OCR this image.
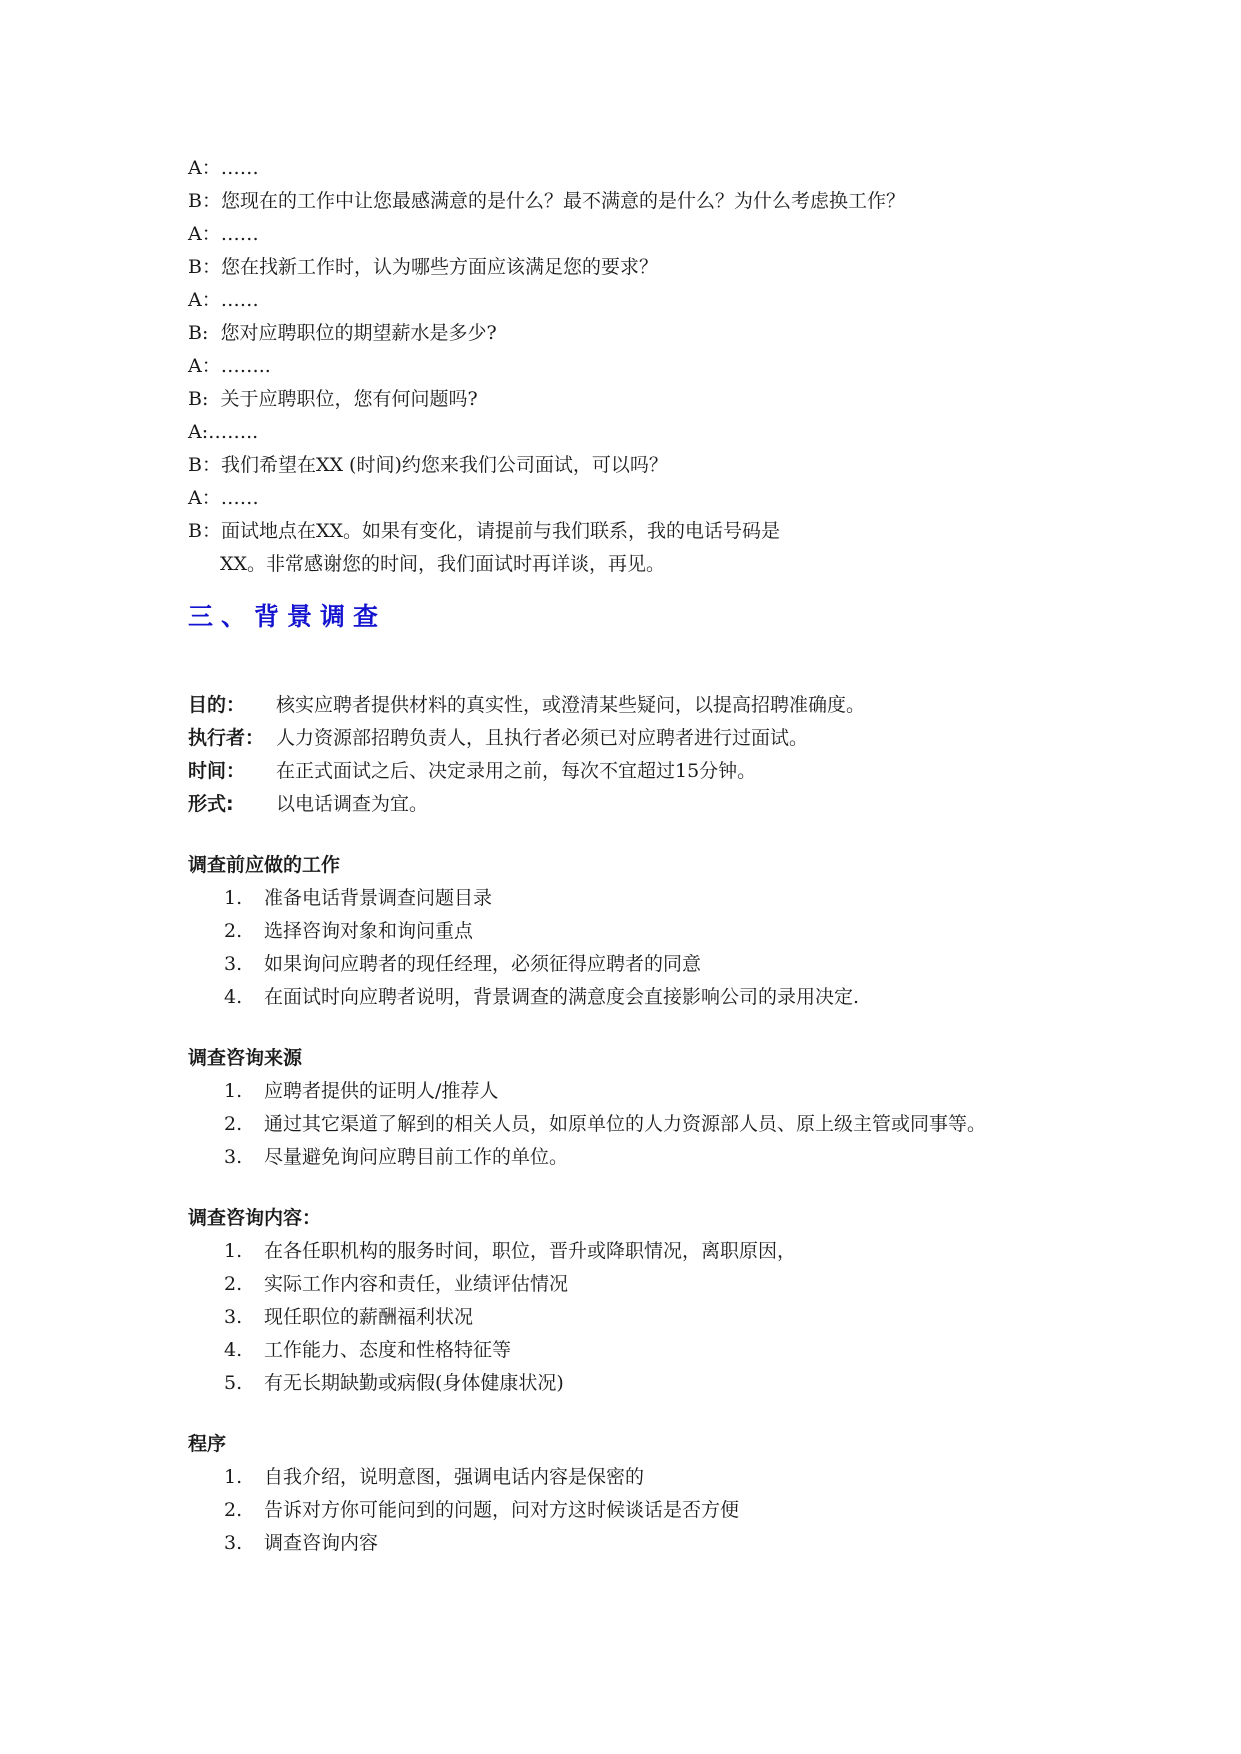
A：……
B：您现在的工作中让您最感满意的是什么？最不满意的是什么？为什么考虑换工作？
A：……
B：您在找新工作时，认为哪些方面应该满足您的要求？
A：……
B:  您对应聘职位的期望薪水是多少?
A：……..
B:  关于应聘职位，您有何问题吗?
A:……..
B：我们希望在XX (时间)约您来我们公司面试，可以吗？
A：……
B：面试地点在XX。如果有变化，请提前与我们联系，我的电话号码是
XX。非常感谢您的时间，我们面试时再详谈，再见。
三、背景调查
目的： 核实应聘者提供材料的真实性，或澄清某些疑问，以提高招聘准确度。
执行者： 人力资源部招聘负责人，且执行者必须已对应聘者进行过面试。
时间： 在正式面试之后、决定录用之前，每次不宜超过15分钟。
形式: 以电话调查为宜。
调查前应做的工作
1. 准备电话背景调查问题目录
2. 选择咨询对象和询问重点
3. 如果询问应聘者的现任经理，必须征得应聘者的同意
4. 在面试时向应聘者说明，背景调查的满意度会直接影响公司的录用决定.
调查咨询来源
1. 应聘者提供的证明人/推荐人
2. 通过其它渠道了解到的相关人员，如原单位的人力资源部人员、原上级主管或同事等。
3. 尽量避免询问应聘目前工作的单位。
调查咨询内容：
1. 在各任职机构的服务时间，职位，晋升或降职情况，离职原因，
2. 实际工作内容和责任，业绩评估情况
3. 现任职位的薪酬福利状况
4. 工作能力、态度和性格特征等
5. 有无长期缺勤或病假(身体健康状况)
程序
1. 自我介绍，说明意图，强调电话内容是保密的
2. 告诉对方你可能问到的问题，问对方这时候谈话是否方便
3. 调查咨询内容
